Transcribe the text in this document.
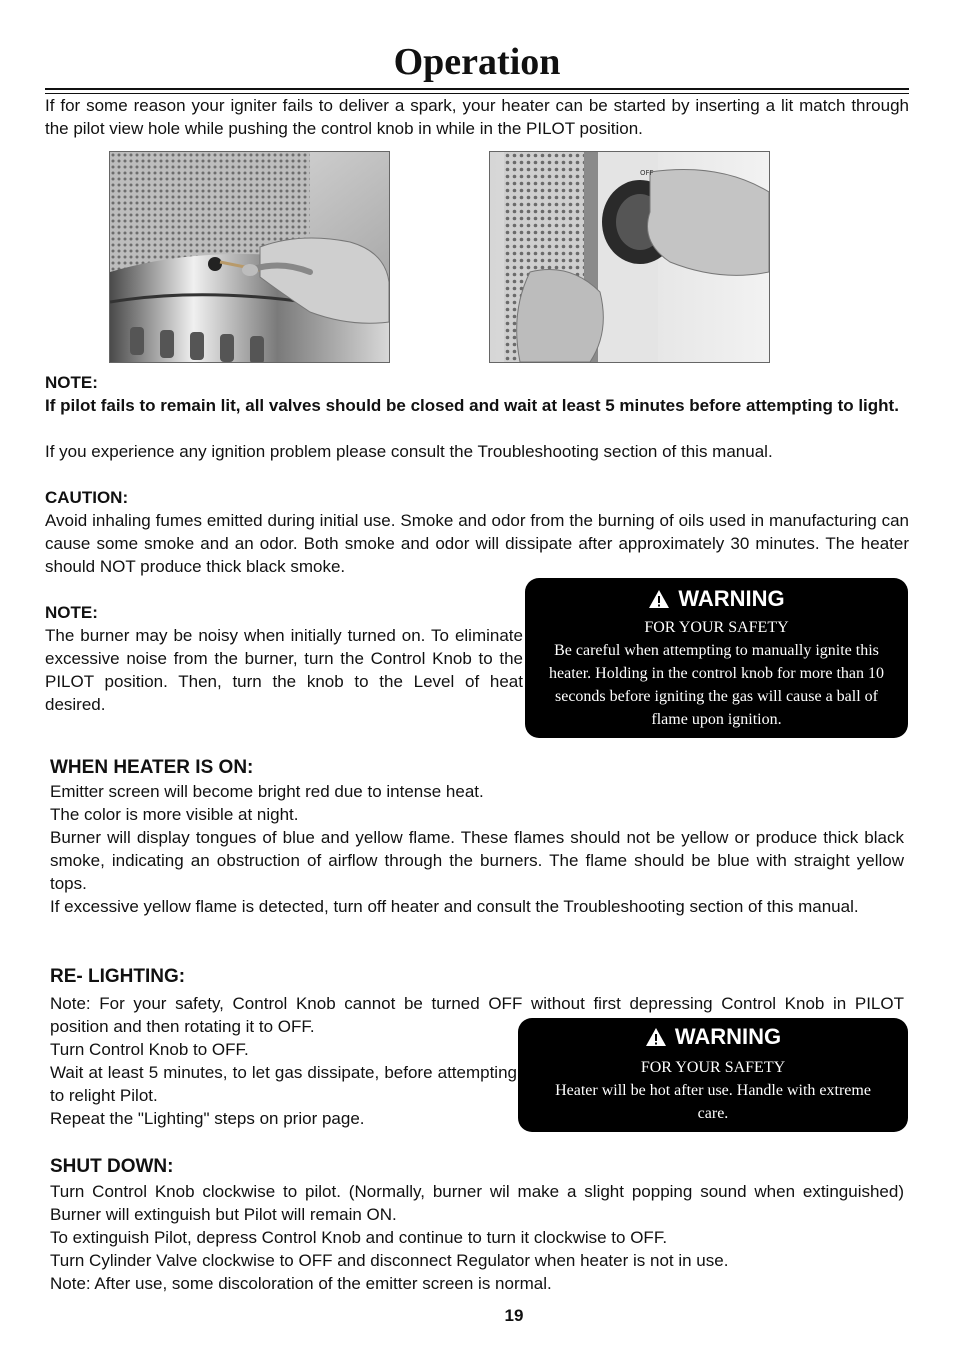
Operation

If for some reason your igniter fails to deliver a spark, your heater can be started by inserting a lit match through the pilot view hole while pushing the control knob in while in the PILOT position.

OFF
NOTE:

If pilot fails to remain lit, all valves should be closed and wait at least 5 minutes before attempting to light.

If you experience any ignition problem please consult the Troubleshooting section of this manual.

CAUTION:

Avoid inhaling fumes emitted during initial use. Smoke and odor from the burning of oils used in manufacturing can cause some smoke and an odor. Both smoke and odor will dissipate after approximately 30 minutes. The heater should NOT produce thick black smoke.

NOTE:

The burner may be noisy when initially turned on. To eliminate excessive noise from the burner, turn the Control Knob to the PILOT position. Then, turn the knob to the Level of heat desired.

WARNING
FOR YOUR SAFETY
Be careful when attempting to manually ignite this heater. Holding in the control knob for more than 10 seconds before igniting the gas will cause a ball of flame upon ignition.
WHEN HEATER IS ON:

Emitter screen will become bright red due to intense heat.

The color is more visible at night.

Burner will display tongues of blue and yellow flame. These flames should not be yellow or produce thick black smoke, indicating an obstruction of airflow through the burners. The flame should be blue with straight yellow tops.

If excessive yellow flame is detected, turn off heater and consult the Troubleshooting section of this manual.

RE- LIGHTING:

Note: For your safety, Control Knob cannot be turned OFF without first depressing Control Knob in PILOT position and then rotating it to OFF.

Turn Control Knob to OFF.

Wait at least 5 minutes, to let gas dissipate, before attempting to relight Pilot.

Repeat the "Lighting" steps on prior page.

WARNING
FOR YOUR SAFETY
Heater will be hot after use. Handle with extreme care.
SHUT DOWN:

Turn Control Knob clockwise to pilot. (Normally, burner wil make a slight popping sound when extinguished) Burner will extinguish but Pilot will remain ON.

To extinguish Pilot, depress Control Knob and continue to turn it clockwise to OFF.

Turn Cylinder Valve clockwise to OFF and disconnect Regulator when heater is not in use.

Note: After use, some discoloration of the emitter screen is normal.

19
